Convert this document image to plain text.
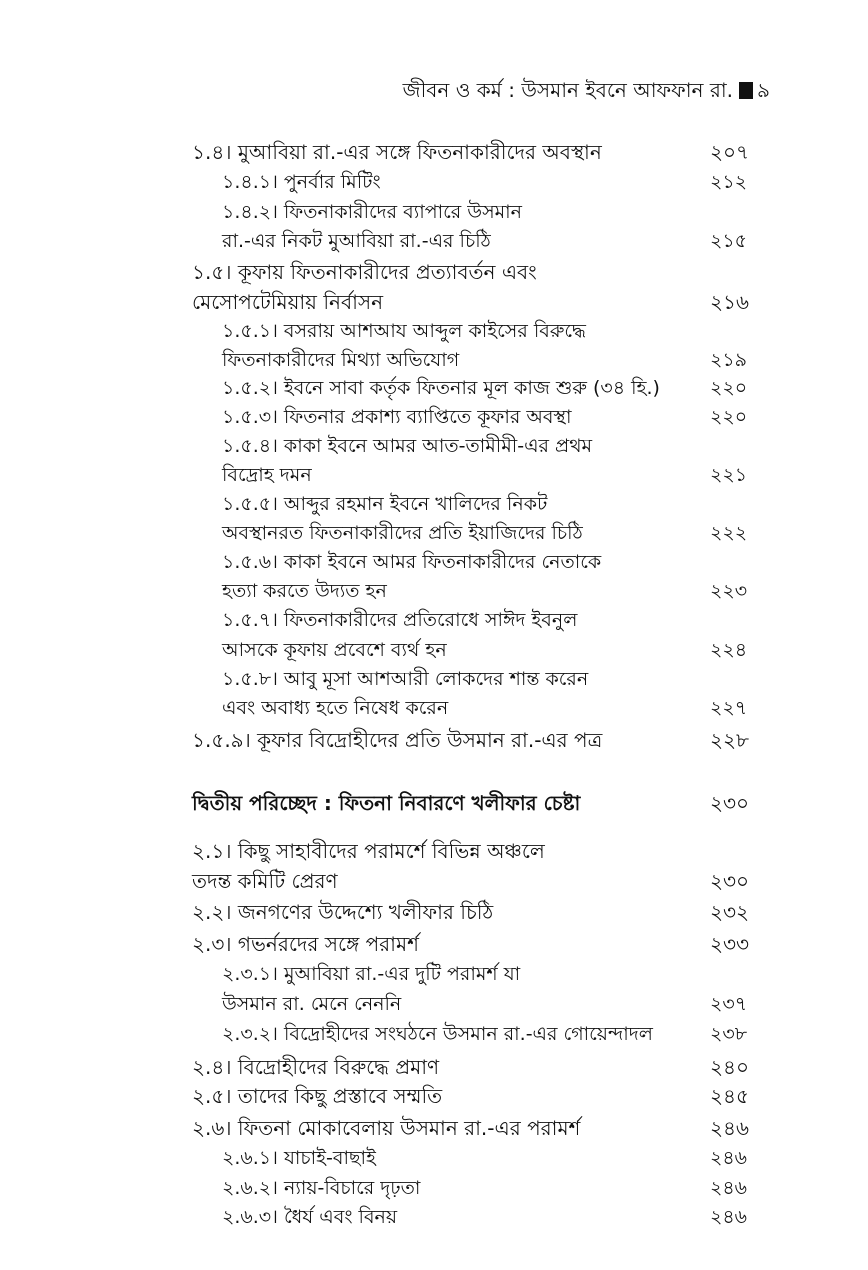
জীবন ও কর্ম : উসমান ইবনে আফফান রা. ৯
১.৪। মুআবিয়া রা.-এর সঙ্গে ফিতনাকারীদের অবস্থান	২০৭
১.৪.১। পুনর্বার মিটিং	২১২
১.৪.২। ফিতনাকারীদের ব্যাপারে উসমান
রা.-এর নিকট মুআবিয়া রা.-এর চিঠি	২১৫
১.৫। কূফায় ফিতনাকারীদের প্রত্যাবর্তন এবং
মেসোপটেমিয়ায় নির্বাসন	২১৬
১.৫.১। বসরায় আশআয আব্দুল কাইসের বিরুদ্ধে
ফিতনাকারীদের মিথ্যা অভিযোগ	২১৯
১.৫.২। ইবনে সাবা কর্তৃক ফিতনার মূল কাজ শুরু (৩৪ হি.)	২২০
১.৫.৩। ফিতনার প্রকাশ্য ব্যাপ্তিতে কূফার অবস্থা	২২০
১.৫.৪। কাকা ইবনে আমর আত-তামীমী-এর প্রথম
বিদ্রোহ দমন	২২১
১.৫.৫। আব্দুর রহমান ইবনে খালিদের নিকট
অবস্থানরত ফিতনাকারীদের প্রতি ইয়াজিদের চিঠি	২২২
১.৫.৬। কাকা ইবনে আমর ফিতনাকারীদের নেতাকে
হত্যা করতে উদ্যত হন	২২৩
১.৫.৭। ফিতনাকারীদের প্রতিরোধে সাঈদ ইবনুল
আসকে কূফায় প্রবেশে ব্যর্থ হন	২২৪
১.৫.৮। আবু মূসা আশআরী লোকদের শান্ত করেন
এবং অবাধ্য হতে নিষেধ করেন	২২৭
১.৫.৯। কূফার বিদ্রোহীদের প্রতি উসমান রা.-এর পত্র	২২৮
দ্বিতীয় পরিচ্ছেদ : ফিতনা নিবারণে খলীফার চেষ্টা	২৩০
২.১। কিছু সাহাবীদের পরামর্শে বিভিন্ন অঞ্চলে
তদন্ত কমিটি প্রেরণ	২৩০
২.২। জনগণের উদ্দেশ্যে খলীফার চিঠি	২৩২
২.৩। গভর্নরদের সঙ্গে পরামর্শ	২৩৩
২.৩.১। মুআবিয়া রা.-এর দুটি পরামর্শ যা
উসমান রা. মেনে নেননি	২৩৭
২.৩.২। বিদ্রোহীদের সংঘঠনে উসমান রা.-এর গোয়েন্দাদল	২৩৮
২.৪। বিদ্রোহীদের বিরুদ্ধে প্রমাণ	২৪০
২.৫। তাদের কিছু প্রস্তাবে সম্মতি	২৪৫
২.৬। ফিতনা মোকাবেলায় উসমান রা.-এর পরামর্শ	২৪৬
২.৬.১। যাচাই-বাছাই	২৪৬
২.৬.২। ন্যায়-বিচারে দৃঢ়তা	২৪৬
২.৬.৩। ধৈর্য এবং বিনয়	২৪৬
